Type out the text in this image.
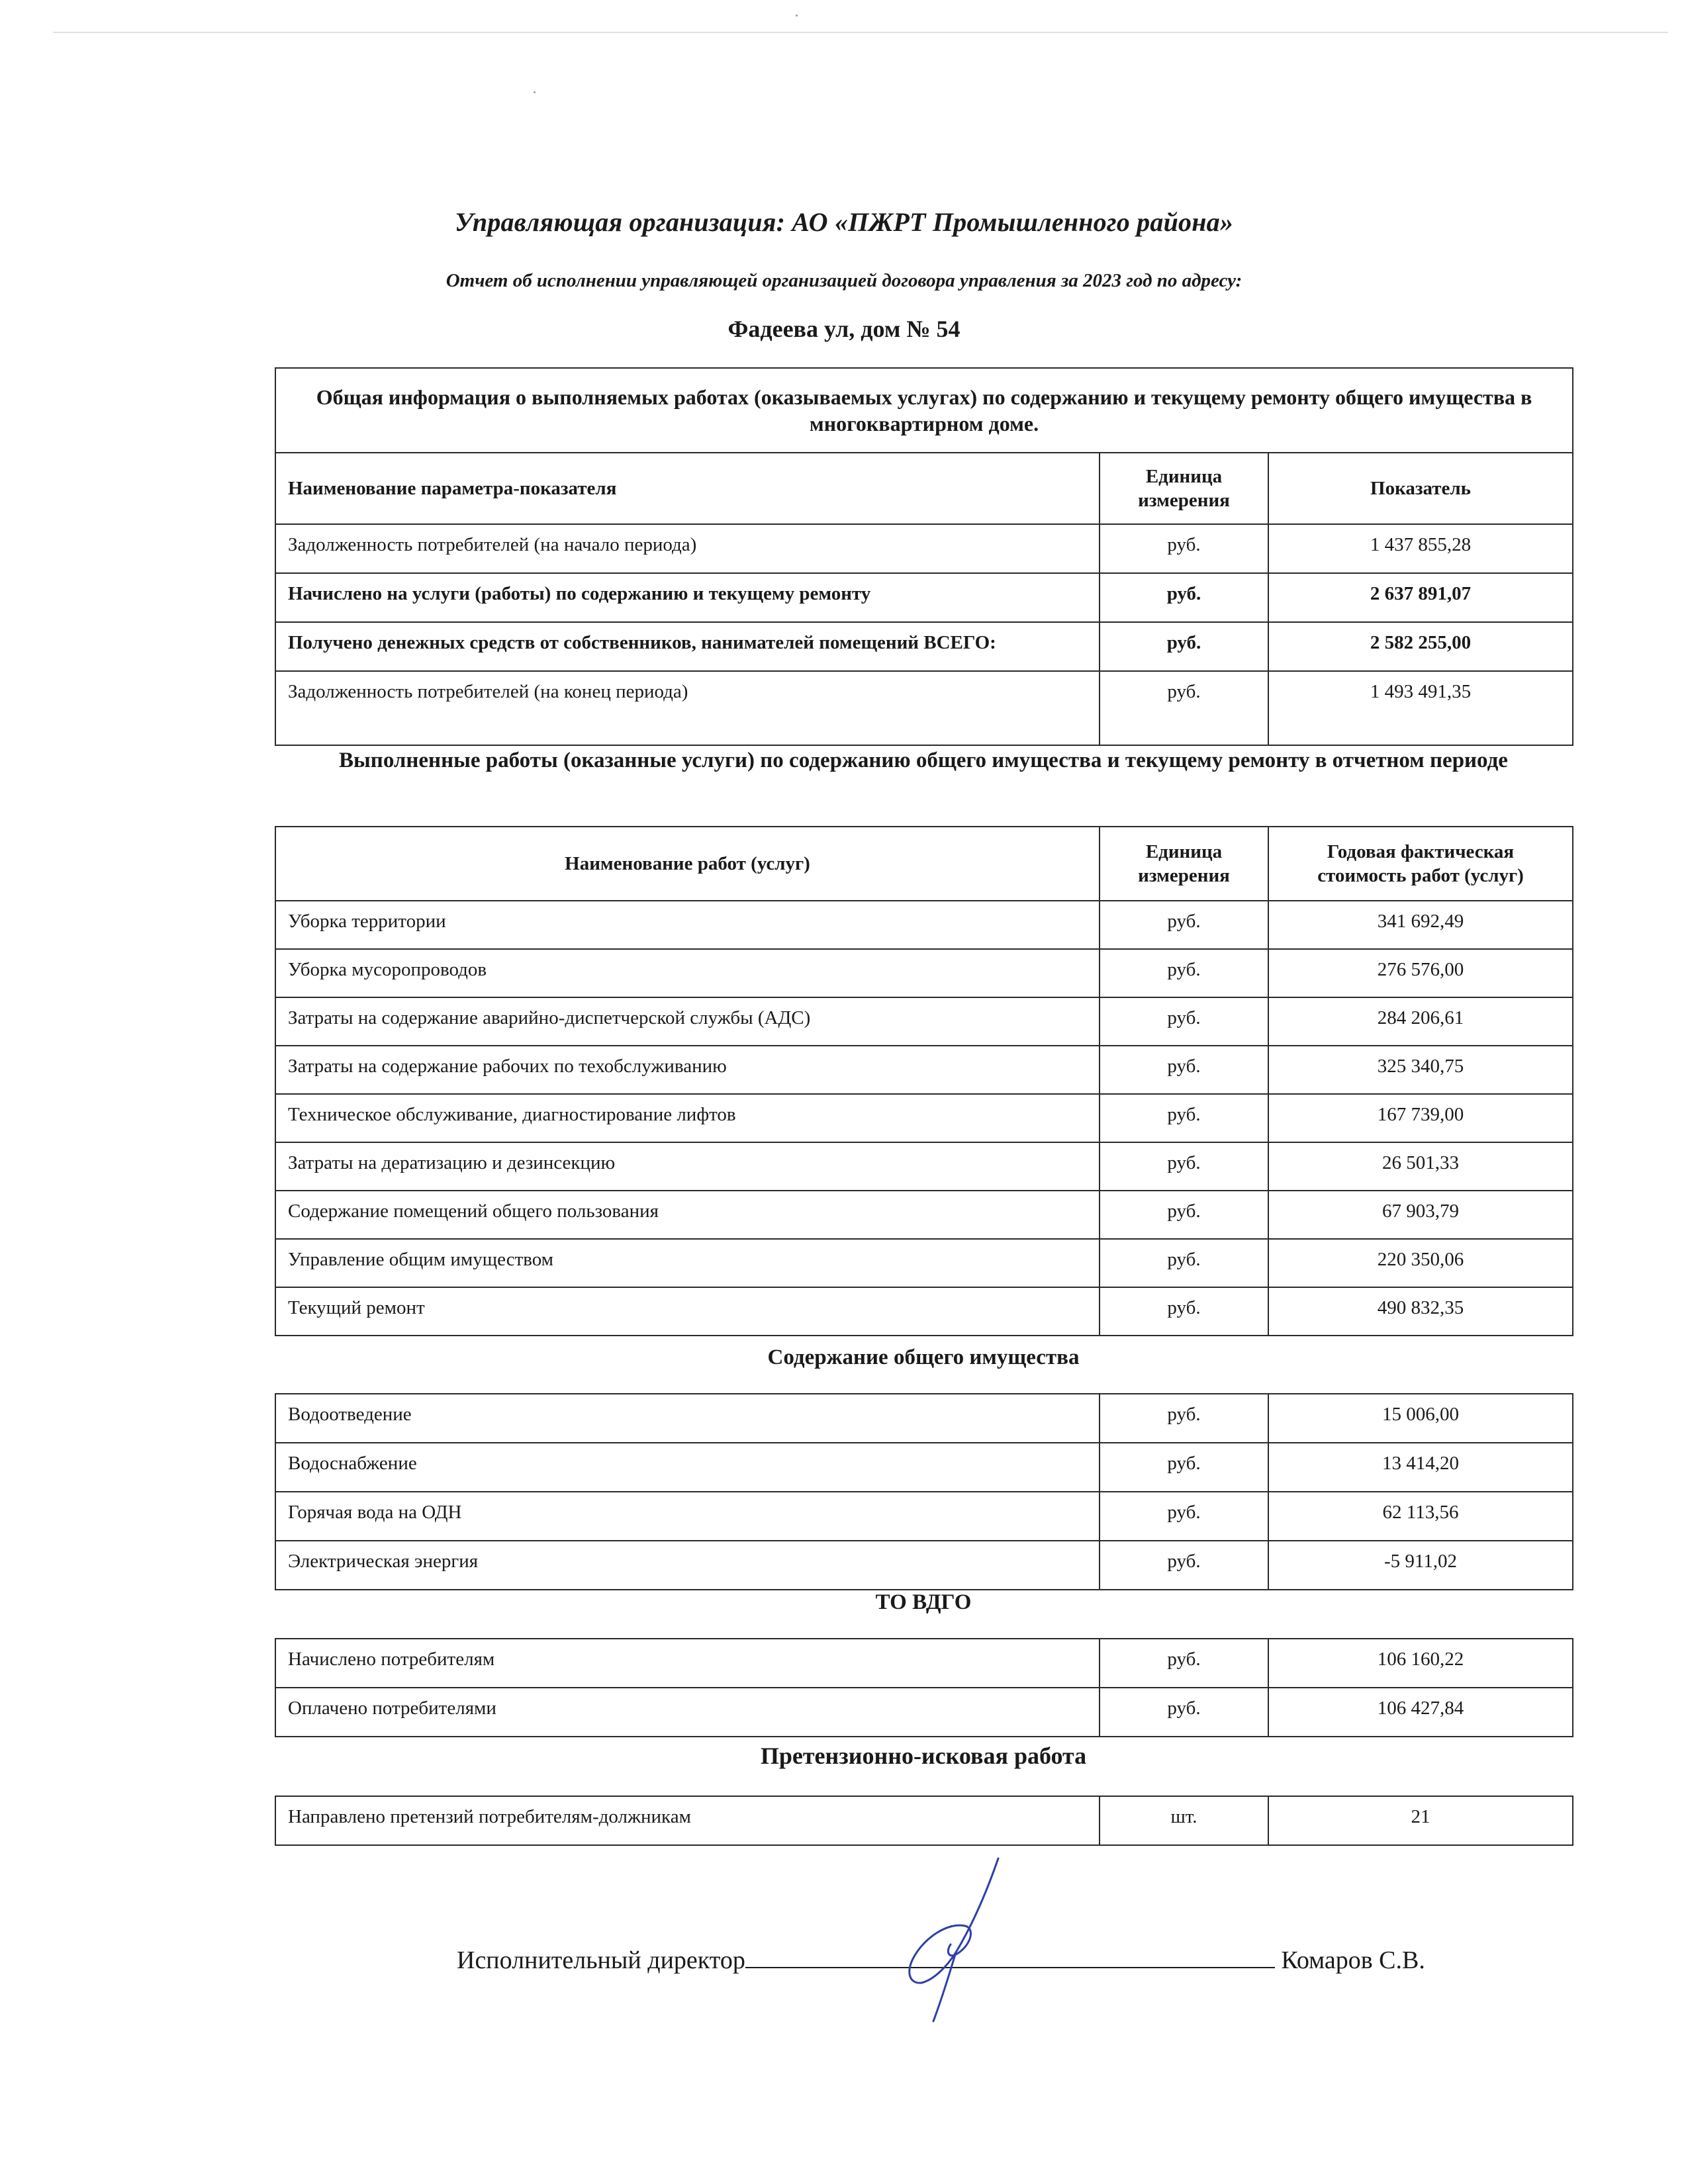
Управляющая организация: АО «ПЖРТ Промышленного района»
Отчет об исполнении управляющей организацией договора управления за 2023 год по адресу:
Фадеева ул, дом № 54
Общая информация о выполняемых работах (оказываемых услугах) по содержанию и текущему ремонту общего имущества в многоквартирном доме.		
Наименование параметра-показателя	Единица измерения	Показатель
Задолженность потребителей (на начало периода)	руб.	1 437 855,28
Начислено на услуги (работы) по содержанию и текущему ремонту	руб.	2 637 891,07
Получено денежных средств от собственников, нанимателей помещений ВСЕГО:	руб.	2 582 255,00
Задолженность потребителей (на конец периода)	руб.	1 493 491,35
Выполненные работы (оказанные услуги) по содержанию общего имущества и текущему ремонту в отчетном периоде
Наименование работ (услуг)	Единица измерения	Годовая фактическая стоимость работ (услуг)
Уборка территории	руб.	341 692,49
Уборка мусоропроводов	руб.	276 576,00
Затраты на содержание аварийно-диспетчерской службы (АДС)	руб.	284 206,61
Затраты на содержание рабочих по техобслуживанию	руб.	325 340,75
Техническое обслуживание, диагностирование лифтов	руб.	167 739,00
Затраты на дератизацию и дезинсекцию	руб.	26 501,33
Содержание помещений общего пользования	руб.	67 903,79
Управление общим имуществом	руб.	220 350,06
Текущий ремонт	руб.	490 832,35
Содержание общего имущества
Водоотведение	руб.	15 006,00
Водоснабжение	руб.	13 414,20
Горячая вода на ОДН	руб.	62 113,56
Электрическая энергия	руб.	-5 911,02
ТО ВДГО
Начислено потребителям	руб.	106 160,22
Оплачено потребителями	руб.	106 427,84
Претензионно-исковая работа
Направлено претензий потребителям-должникам	шт.	21
Исполнительный директор	Комаров С.В.
